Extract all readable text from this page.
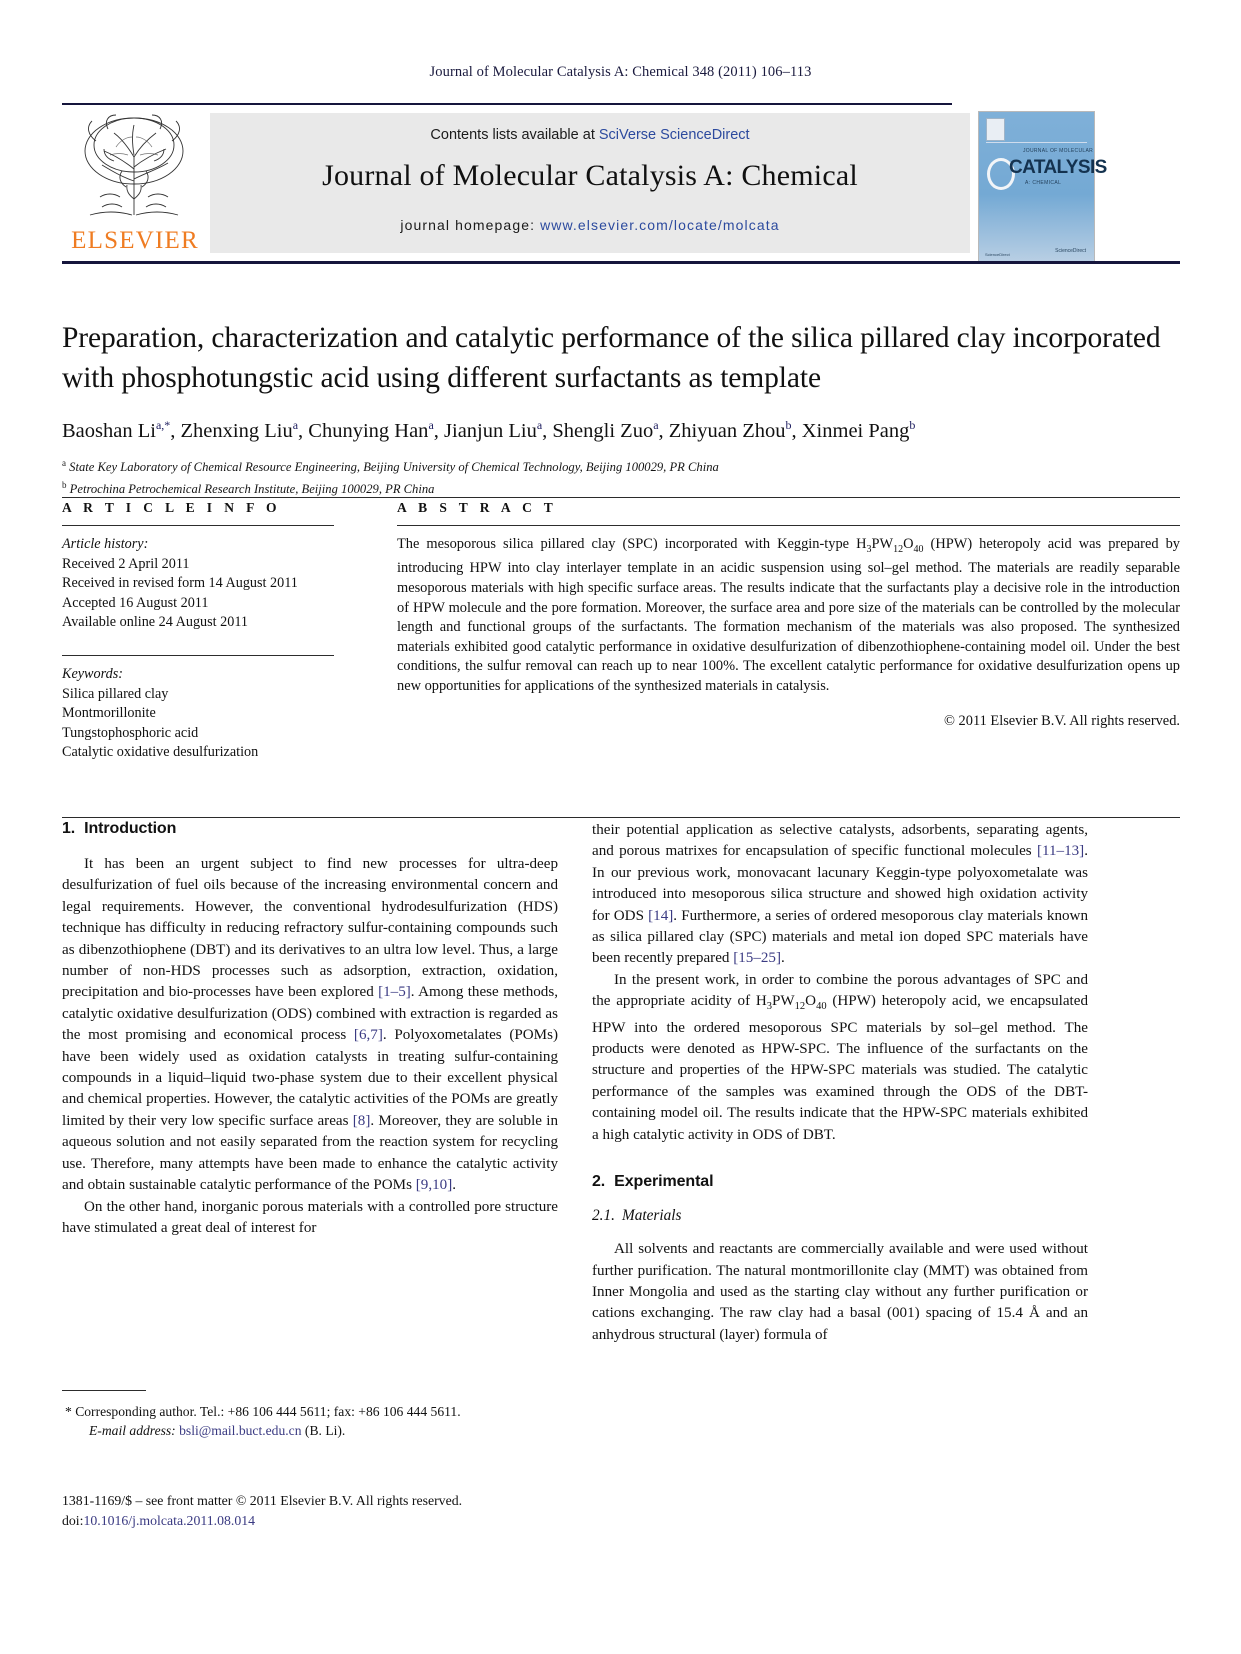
Journal of Molecular Catalysis A: Chemical 348 (2011) 106–113
ELSEVIER
Contents lists available at SciVerse ScienceDirect
Journal of Molecular Catalysis A: Chemical
journal homepage: www.elsevier.com/locate/molcata
JOURNAL OF MOLECULAR
CATALYSIS
A: CHEMICAL
ScienceDirect
ScienceDirect
Preparation, characterization and catalytic performance of the silica pillared clay incorporated with phosphotungstic acid using different surfactants as template
Baoshan $Li^{a,*}$, Zhenxing Liu$^a$, Chunying Han$^a$, Jianjun Liu$^a$, Shengli Zuo$^a$, Zhiyuan Zhou$^b$, Xinmei Pang$^b$
$^a$ State Key Laboratory of Chemical Resource Engineering, Beijing University of Chemical Technology, Beijing 100029, PR China
$^b$ Petrochina Petrochemical Research Institute, Beijing 100029, PR China
A R T I C L E I N F O
Article history:
Received 2 April 2011
Received in revised form 14 August 2011
Accepted 16 August 2011
Available online 24 August 2011
Keywords:
Silica pillared clay
Montmorillonite
Tungstophosphoric acid
Catalytic oxidative desulfurization
A B S T R A C T

The mesoporous silica pillared clay (SPC) incorporated with Keggin-type $H_3PW_{12}O_{40}$ (HPW) heteropoly acid was prepared by introducing HPW into clay interlayer template in an acidic suspension using sol–gel method. The materials are readily separable mesoporous materials with high specific surface areas. The results indicate that the surfactants play a decisive role in the introduction of HPW molecule and the pore formation. Moreover, the surface area and pore size of the materials can be controlled by the molecular length and functional groups of the surfactants. The formation mechanism of the materials was also proposed. The synthesized materials exhibited good catalytic performance in oxidative desulfurization of dibenzothiophene-containing model oil. Under the best conditions, the sulfur removal can reach up to near 100%. The excellent catalytic performance for oxidative desulfurization opens up new opportunities for applications of the synthesized materials in catalysis.

© 2011 Elsevier B.V. All rights reserved.
1. Introduction

It has been an urgent subject to find new processes for ultra-deep desulfurization of fuel oils because of the increasing environmental concern and legal requirements. However, the conventional hydrodesulfurization (HDS) technique has difficulty in reducing refractory sulfur-containing compounds such as dibenzothiophene (DBT) and its derivatives to an ultra low level. Thus, a large number of non-HDS processes such as adsorption, extraction, oxidation, precipitation and bio-processes have been explored [1–5]. Among these methods, catalytic oxidative desulfurization (ODS) combined with extraction is regarded as the most promising and economical process [6,7]. Polyoxometalates (POMs) have been widely used as oxidation catalysts in treating sulfur-containing compounds in a liquid–liquid two-phase system due to their excellent physical and chemical properties. However, the catalytic activities of the POMs are greatly limited by their very low specific surface areas [8]. Moreover, they are soluble in aqueous solution and not easily separated from the reaction system for recycling use. Therefore, many attempts have been made to enhance the catalytic activity and obtain sustainable catalytic performance of the POMs [9,10].

On the other hand, inorganic porous materials with a controlled pore structure have stimulated a great deal of interest for

their potential application as selective catalysts, adsorbents, separating agents, and porous matrixes for encapsulation of specific functional molecules [11–13]. In our previous work, monovacant lacunary Keggin-type polyoxometalate was introduced into mesoporous silica structure and showed high oxidation activity for ODS [14]. Furthermore, a series of ordered mesoporous clay materials known as silica pillared clay (SPC) materials and metal ion doped SPC materials have been recently prepared [15–25].

In the present work, in order to combine the porous advantages of SPC and the appropriate acidity of $H_3PW_{12}O_{40}$ (HPW) heteropoly acid, we encapsulated HPW into the ordered mesoporous SPC materials by sol–gel method. The products were denoted as HPW-SPC. The influence of the surfactants on the structure and properties of the HPW-SPC materials was studied. The catalytic performance of the samples was examined through the ODS of the DBT-containing model oil. The results indicate that the HPW-SPC materials exhibited a high catalytic activity in ODS of DBT.

2. Experimental
2.1. Materials

All solvents and reactants are commercially available and were used without further purification. The natural montmorillonite clay (MMT) was obtained from Inner Mongolia and used as the starting clay without any further purification or cations exchanging. The raw clay had a basal (001) spacing of 15.4 Å and an anhydrous structural (layer) formula of

* Corresponding author. Tel.: +86 106 444 5611; fax: +86 106 444 5611.
E-mail address: bsli@mail.buct.edu.cn (B. Li).
1381-1169/$ – see front matter © 2011 Elsevier B.V. All rights reserved.
doi:10.1016/j.molcata.2011.08.014
